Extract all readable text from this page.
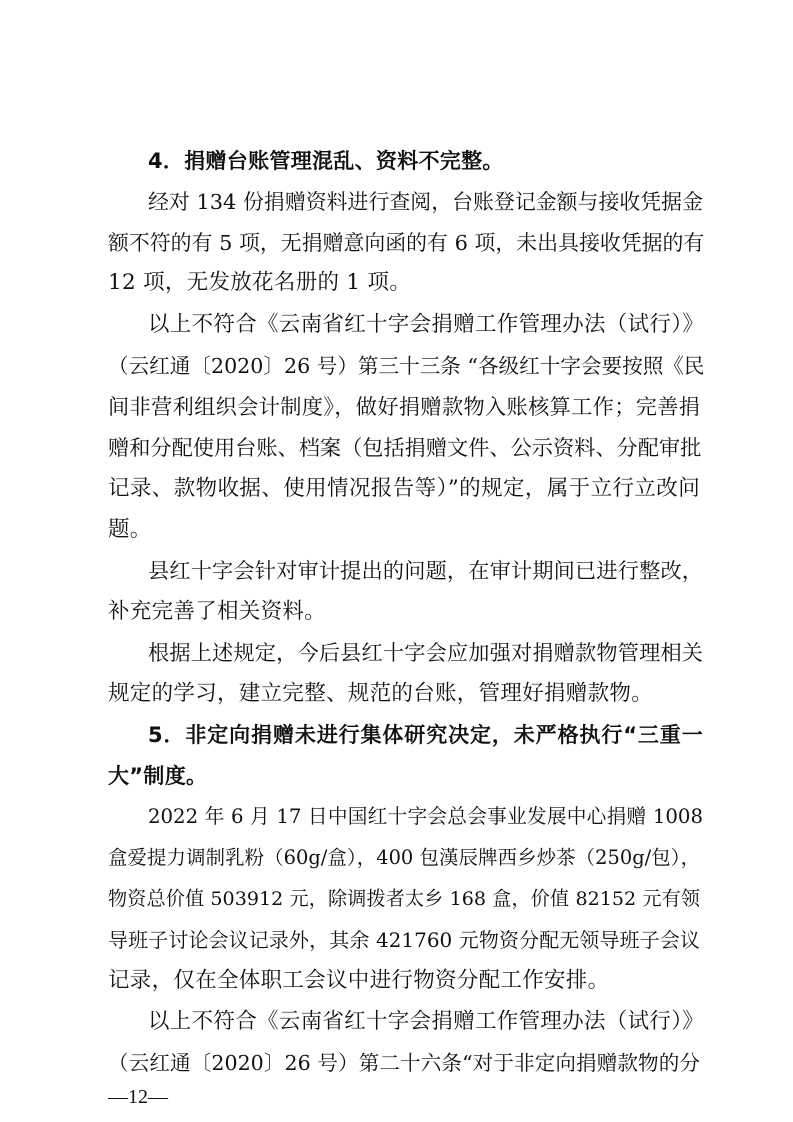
4．捐赠台账管理混乱、资料不完整。
经对 134 份捐赠资料进行查阅，台账登记金额与接收凭据金
额不符的有 5 项，无捐赠意向函的有 6 项，未出具接收凭据的有
12 项，无发放花名册的 1 项。
以上不符合《云南省红十字会捐赠工作管理办法（试行）》
（云红通〔2020〕26 号）第三十三条 “各级红十字会要按照《民
间非营利组织会计制度》，做好捐赠款物入账核算工作；完善捐
赠和分配使用台账、档案（包括捐赠文件、公示资料、分配审批
记录、款物收据、使用情况报告等）”的规定，属于立行立改问
题。
县红十字会针对审计提出的问题，在审计期间已进行整改，
补充完善了相关资料。
根据上述规定，今后县红十字会应加强对捐赠款物管理相关
规定的学习，建立完整、规范的台账，管理好捐赠款物。
5．非定向捐赠未进行集体研究决定，未严格执行“三重一
大”制度。
2022 年 6 月 17 日中国红十字会总会事业发展中心捐赠 1008
盒爱提力调制乳粉（60g/盒），400 包漢辰牌西乡炒茶（250g/包），
物资总价值 503912 元，除调拨者太乡 168 盒，价值 82152 元有领
导班子讨论会议记录外，其余 421760 元物资分配无领导班子会议
记录，仅在全体职工会议中进行物资分配工作安排。
以上不符合《云南省红十字会捐赠工作管理办法（试行）》
（云红通〔2020〕26 号）第二十六条“对于非定向捐赠款物的分
—12—
